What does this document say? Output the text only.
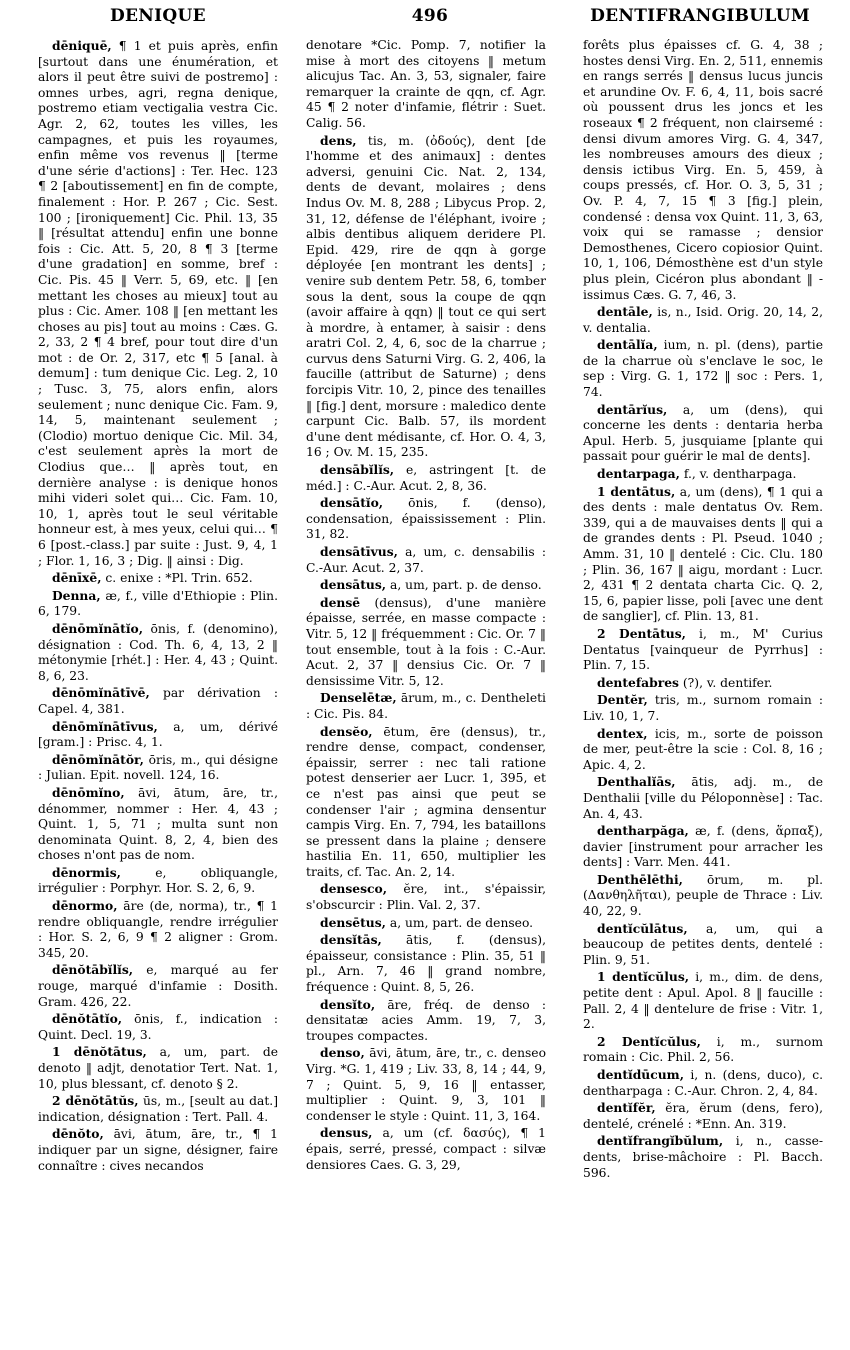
DENIQUE	496	DENTIFRANGIBULUM

dēniquē, ¶ 1 et puis après, enfin [surtout dans une énumération, et alors il peut être suivi de postremo] : omnes urbes, agri, regna denique, postremo etiam vectigalia vestra Cic. Agr. 2, 62, toutes les villes, les campagnes, et puis les royaumes, enfin même vos revenus ‖ [terme d'une série d'actions] : Ter. Hec. 123 ¶ 2 [aboutissement] en fin de compte, finalement : Hor. P. 267 ; Cic. Sest. 100 ; [ironiquement] Cic. Phil. 13, 35 ‖ [résultat attendu] enfin une bonne fois : Cic. Att. 5, 20, 8 ¶ 3 [terme d'une gradation] en somme, bref : Cic. Pis. 45 ‖ Verr. 5, 69, etc. ‖ [en mettant les choses au mieux] tout au plus : Cic. Amer. 108 ‖ [en mettant les choses au pis] tout au moins : Cæs. G. 2, 33, 2 ¶ 4 bref, pour tout dire d'un mot : de Or. 2, 317, etc ¶ 5 [anal. à demum] : tum denique Cic. Leg. 2, 10 ; Tusc. 3, 75, alors enfin, alors seulement ; nunc denique Cic. Fam. 9, 14, 5, maintenant seulement ; (Clodio) mortuo denique Cic. Mil. 34, c'est seulement après la mort de Clodius que… ‖ après tout, en dernière analyse : is denique honos mihi videri solet qui… Cic. Fam. 10, 10, 1, après tout le seul véritable honneur est, à mes yeux, celui qui… ¶ 6 [post.-class.] par suite : Just. 9, 4, 1 ; Flor. 1, 16, 3 ; Dig. ‖ ainsi : Dig.

dēnīxē, c. enixe : *Pl. Trin. 652.

Denna, æ, f., ville d'Ethiopie : Plin. 6, 179.

dēnōmĭnātĭo, ōnis, f. (denomino), désignation : Cod. Th. 6, 4, 13, 2 ‖ métonymie [rhét.] : Her. 4, 43 ; Quint. 8, 6, 23.

dēnōmĭnātīvē, par dérivation : Capel. 4, 381.

dēnōmĭnātīvus, a, um, dérivé [gram.] : Prisc. 4, 1.

dēnōmĭnātŏr, ōris, m., qui désigne : Julian. Epit. novell. 124, 16.

dēnōmĭno, āvi, ātum, āre, tr., dénommer, nommer : Her. 4, 43 ; Quint. 1, 5, 71 ; multa sunt non denominata Quint. 8, 2, 4, bien des choses n'ont pas de nom.

dēnormis,	e, obliquangle, irrégulier : Porphyr. Hor. S. 2, 6, 9.

dēnormo, āre (de, norma), tr., ¶ 1 rendre obliquangle, rendre irrégulier : Hor. S. 2, 6, 9 ¶ 2 aligner : Grom. 345, 20.

dēnŏtābĭlĭs, e, marqué au fer rouge, marqué d'infamie : Dosith. Gram. 426, 22.

dēnŏtātĭo, ōnis, f., indication : Quint. Decl. 19, 3.

1 dēnŏtātus, a, um, part. de denoto ‖ adjt, denotatior Tert. Nat. 1, 10, plus blessant, cf. denoto § 2.

2 dēnŏtātŭs, ūs, m., [seult au dat.] indication, désignation : Tert. Pall. 4.

dēnŏto, āvi, ātum, āre, tr., ¶ 1 indiquer par un signe, désigner, faire connaître : cives necandos

denotare *Cic. Pomp. 7, notifier la mise à mort des citoyens ‖ metum alicujus Tac. An. 3, 53, signaler, faire remarquer la crainte de qqn, cf. Agr. 45 ¶ 2 noter d'infamie, flétrir : Suet. Calig. 56.

dens, tis, m. (ὀδούς), dent [de l'homme et des animaux] : dentes adversi, genuini Cic. Nat. 2, 134, dents de devant, molaires ; dens Indus Ov. M. 8, 288 ; Libycus Prop. 2, 31, 12, défense de l'éléphant, ivoire ; albis dentibus aliquem deridere Pl. Epid. 429, rire de qqn à gorge déployée [en montrant les dents] ; venire sub dentem Petr. 58, 6, tomber sous la dent, sous la coupe de qqn (avoir affaire à qqn) ‖ tout ce qui sert à mordre, à entamer, à saisir : dens aratri Col. 2, 4, 6, soc de la charrue ; curvus dens Saturni Virg. G. 2, 406, la faucille (attribut de Saturne) ; dens forcipis Vitr. 10, 2, pince des tenailles ‖ [fig.] dent, morsure : maledico dente carpunt Cic. Balb. 57, ils mordent d'une dent médisante, cf. Hor. O. 4, 3, 16 ; Ov. M. 15, 235.

densābĭlĭs, e, astringent [t. de méd.] : C.-Aur. Acut. 2, 8, 36.

densātĭo, ōnis, f. (denso), condensation, épaississement : Plin. 31, 82.

densātīvus, a, um, c. densabilis : C.-Aur. Acut. 2, 37.

densātus, a, um, part. p. de denso.

densē (densus), d'une manière épaisse, serrée, en masse compacte : Vitr. 5, 12 ‖ fréquemment : Cic. Or. 7 ‖ tout ensemble, tout à la fois : C.-Aur. Acut. 2, 37 ‖ densius Cic. Or. 7 ‖ densissime Vitr. 5, 12.

Denselētæ, ārum, m., c. Dentheleti : Cic. Pis. 84.

densĕo, ētum, ēre (densus), tr., rendre dense, compact, condenser, épaissir, serrer : nec tali ratione potest denserier aer Lucr. 1, 395, et ce n'est pas ainsi que peut se condenser l'air ; agmina densentur campis Virg. En. 7, 794, les bataillons se pressent dans la plaine ; densere hastilia En. 11, 650, multiplier les traits, cf. Tac. An. 2, 14.

densesco, ĕre, int., s'épaissir, s'obscurcir : Plin. Val. 2, 37.

densētus, a, um, part. de denseo.

densĭtās, ātis, f. (densus), épaisseur, consistance : Plin. 35, 51 ‖ pl., Arn. 7, 46 ‖ grand nombre, fréquence : Quint. 8, 5, 26.

densĭto, āre, fréq. de denso : densitatæ acies Amm. 19, 7, 3, troupes compactes.

denso, āvi, ātum, āre, tr., c. denseo Virg. *G. 1, 419 ; Liv. 33, 8, 14 ; 44, 9, 7 ; Quint. 5, 9, 16 ‖ entasser, multiplier : Quint. 9, 3, 101 ‖ condenser le style : Quint. 11, 3, 164.

densus, a, um (cf. δασύς), ¶ 1 épais, serré, pressé, compact : silvæ densiores Caes. G. 3, 29,

forêts plus épaisses cf. G. 4, 38 ; hostes densi Virg. En. 2, 511, ennemis en rangs serrés ‖ densus lucus juncis et arundine Ov. F. 6, 4, 11, bois sacré où poussent drus les joncs et les roseaux ¶ 2 fréquent, non clairsemé : densi divum amores Virg. G. 4, 347, les nombreuses amours des dieux ; densis ictibus Virg. En. 5, 459, à coups pressés, cf. Hor. O. 3, 5, 31 ; Ov. P. 4, 7, 15 ¶ 3 [fig.] plein, condensé : densa vox Quint. 11, 3, 63, voix qui se ramasse ; densior Demosthenes, Cicero copiosior Quint. 10, 1, 106, Démosthène est d'un style plus plein, Cicéron plus abondant ‖ -issimus Cæs. G. 7, 46, 3.

dentāle, is, n., Isid. Orig. 20, 14, 2, v. dentalia.

dentālĭa, ium, n. pl. (dens), partie de la charrue où s'enclave le soc, le sep : Virg. G. 1, 172 ‖ soc : Pers. 1, 74.

dentārĭus, a, um (dens), qui concerne les dents : dentaria herba Apul. Herb. 5, jusquiame [plante qui passait pour guérir le mal de dents].

dentarpaga, f., v. dentharpaga.

1 dentātus, a, um (dens), ¶ 1 qui a des dents : male dentatus Ov. Rem. 339, qui a de mauvaises dents ‖ qui a de grandes dents : Pl. Pseud. 1040 ; Amm. 31, 10 ‖ dentelé : Cic. Clu. 180 ; Plin. 36, 167 ‖ aigu, mordant : Lucr. 2, 431 ¶ 2 dentata charta Cic. Q. 2, 15, 6, papier lisse, poli [avec une dent de sanglier], cf. Plin. 13, 81.

2 Dentātus, i, m., M' Curius Dentatus [vainqueur de Pyrrhus] : Plin. 7, 15.

dentefabres (?), v. dentifer.

Dentĕr, tris, m., surnom romain : Liv. 10, 1, 7.

dentex, icis, m., sorte de poisson de mer, peut-être la scie : Col. 8, 16 ; Apic. 4, 2.

Denthalĭās, ātis, adj. m., de Denthalii [ville du Péloponnèse] : Tac. An. 4, 43.

dentharpăga, æ, f. (dens, ἅρπαξ), davier [instrument pour arracher les dents] : Varr. Men. 441.

Denthēlēthi, ōrum, m. pl. (Δανθηλῆται), peuple de Thrace : Liv. 40, 22, 9.

dentĭcŭlātus, a, um, qui a beaucoup de petites dents, dentelé : Plin. 9, 51.

1 dentĭcŭlus, i, m., dim. de dens, petite dent : Apul. Apol. 8 ‖ faucille : Pall. 2, 4 ‖ dentelure de frise : Vitr. 1, 2.

2 Dentĭcŭlus, i, m., surnom romain : Cic. Phil. 2, 56.

dentĭdūcum, i, n. (dens, duco), c. dentharpaga : C.-Aur. Chron. 2, 4, 84.

dentĭfĕr, ĕra, ĕrum (dens, fero), dentelé, crénelé : *Enn. An. 319.

dentĭfrangĭbŭlum, i, n., casse-dents, brise-mâchoire : Pl. Bacch. 596.
